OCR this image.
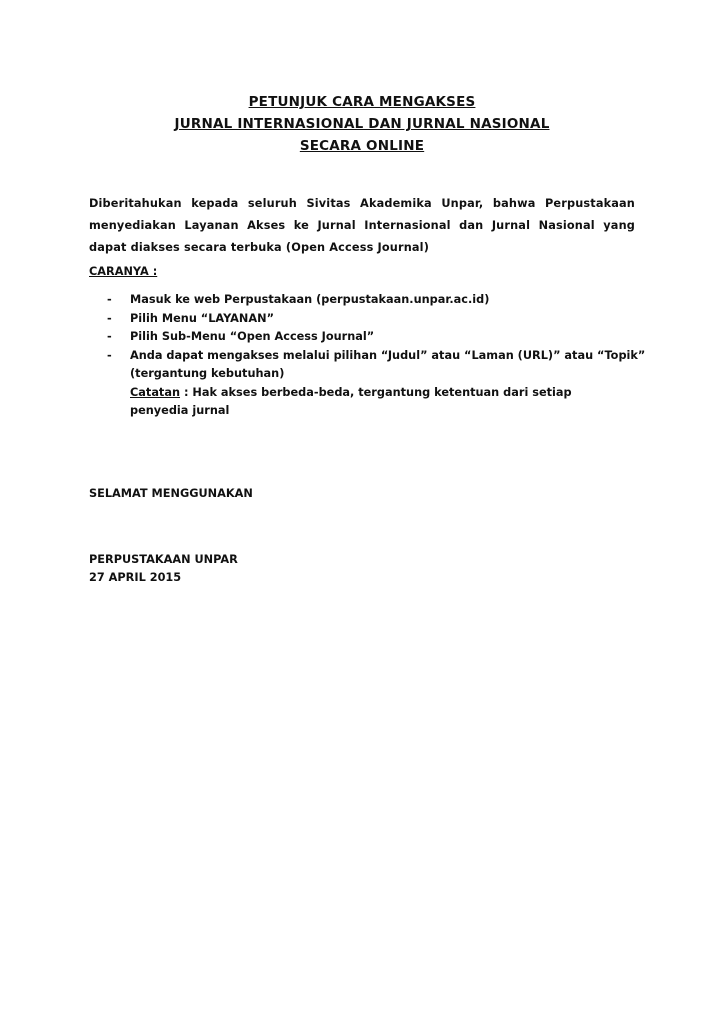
PETUNJUK CARA MENGAKSES
JURNAL INTERNASIONAL DAN JURNAL NASIONAL
SECARA ONLINE
Diberitahukan kepada seluruh Sivitas Akademika Unpar, bahwa Perpustakaan menyediakan Layanan Akses ke Jurnal Internasional dan Jurnal Nasional yang dapat diakses secara terbuka (Open Access Journal)
CARANYA :
- Masuk ke web Perpustakaan (perpustakaan.unpar.ac.id)
- Pilih Menu “LAYANAN”
- Pilih Sub-Menu “Open Access Journal”
- Anda dapat mengakses melalui pilihan “Judul” atau “Laman (URL)” atau “Topik”
(tergantung kebutuhan)
Catatan : Hak akses berbeda-beda, tergantung ketentuan dari setiap penyedia jurnal
SELAMAT MENGGUNAKAN
PERPUSTAKAAN UNPAR
27 APRIL 2015
